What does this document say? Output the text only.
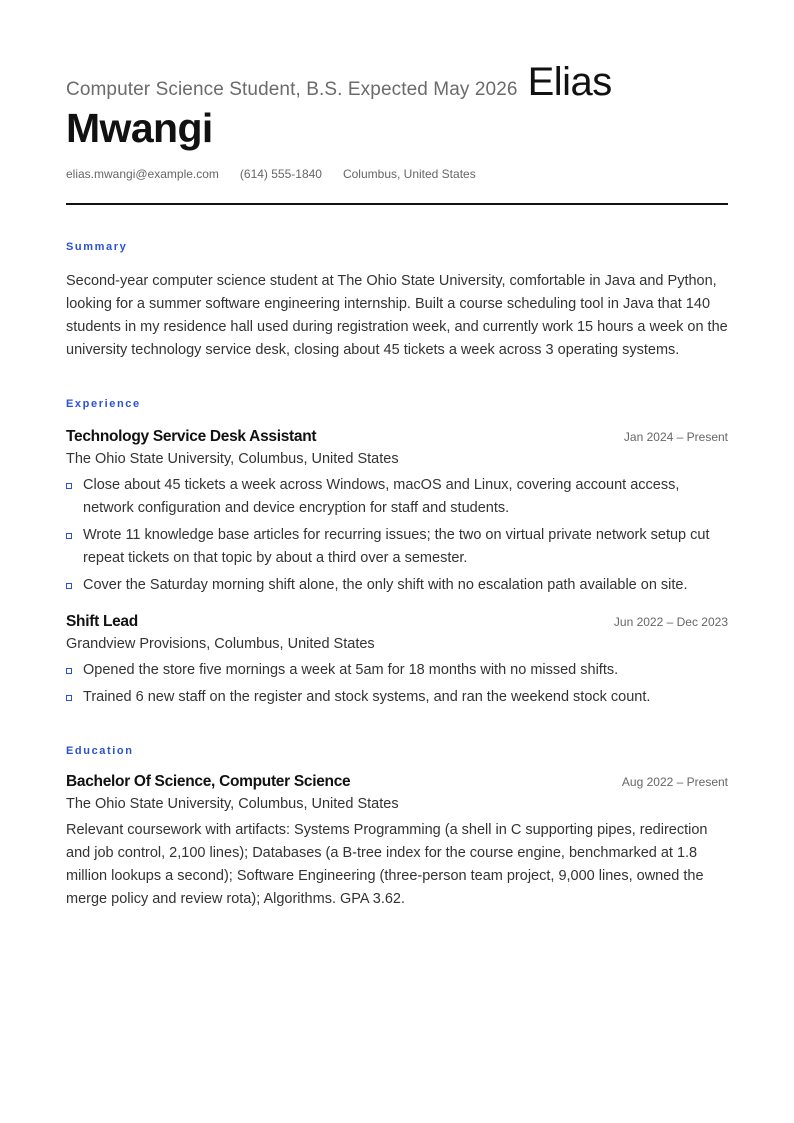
Computer Science Student, B.S. Expected May 2026 Elias
Mwangi
elias.mwangi@example.com (614) 555-1840 Columbus, United States
Summary
Second-year computer science student at The Ohio State University, comfortable in Java and Python, looking for a summer software engineering internship. Built a course scheduling tool in Java that 140 students in my residence hall used during registration week, and currently work 15 hours a week on the university technology service desk, closing about 45 tickets a week across 3 operating systems.
Experience
Technology Service Desk Assistant	Jan 2024 – Present
The Ohio State University, Columbus, United States
Close about 45 tickets a week across Windows, macOS and Linux, covering account access, network configuration and device encryption for staff and students.
Wrote 11 knowledge base articles for recurring issues; the two on virtual private network setup cut repeat tickets on that topic by about a third over a semester.
Cover the Saturday morning shift alone, the only shift with no escalation path available on site.
Shift Lead	Jun 2022 – Dec 2023
Grandview Provisions, Columbus, United States
Opened the store five mornings a week at 5am for 18 months with no missed shifts.
Trained 6 new staff on the register and stock systems, and ran the weekend stock count.
Education
Bachelor Of Science, Computer Science	Aug 2022 – Present
The Ohio State University, Columbus, United States
Relevant coursework with artifacts: Systems Programming (a shell in C supporting pipes, redirection and job control, 2,100 lines); Databases (a B-tree index for the course engine, benchmarked at 1.8 million lookups a second); Software Engineering (three-person team project, 9,000 lines, owned the merge policy and review rota); Algorithms. GPA 3.62.
